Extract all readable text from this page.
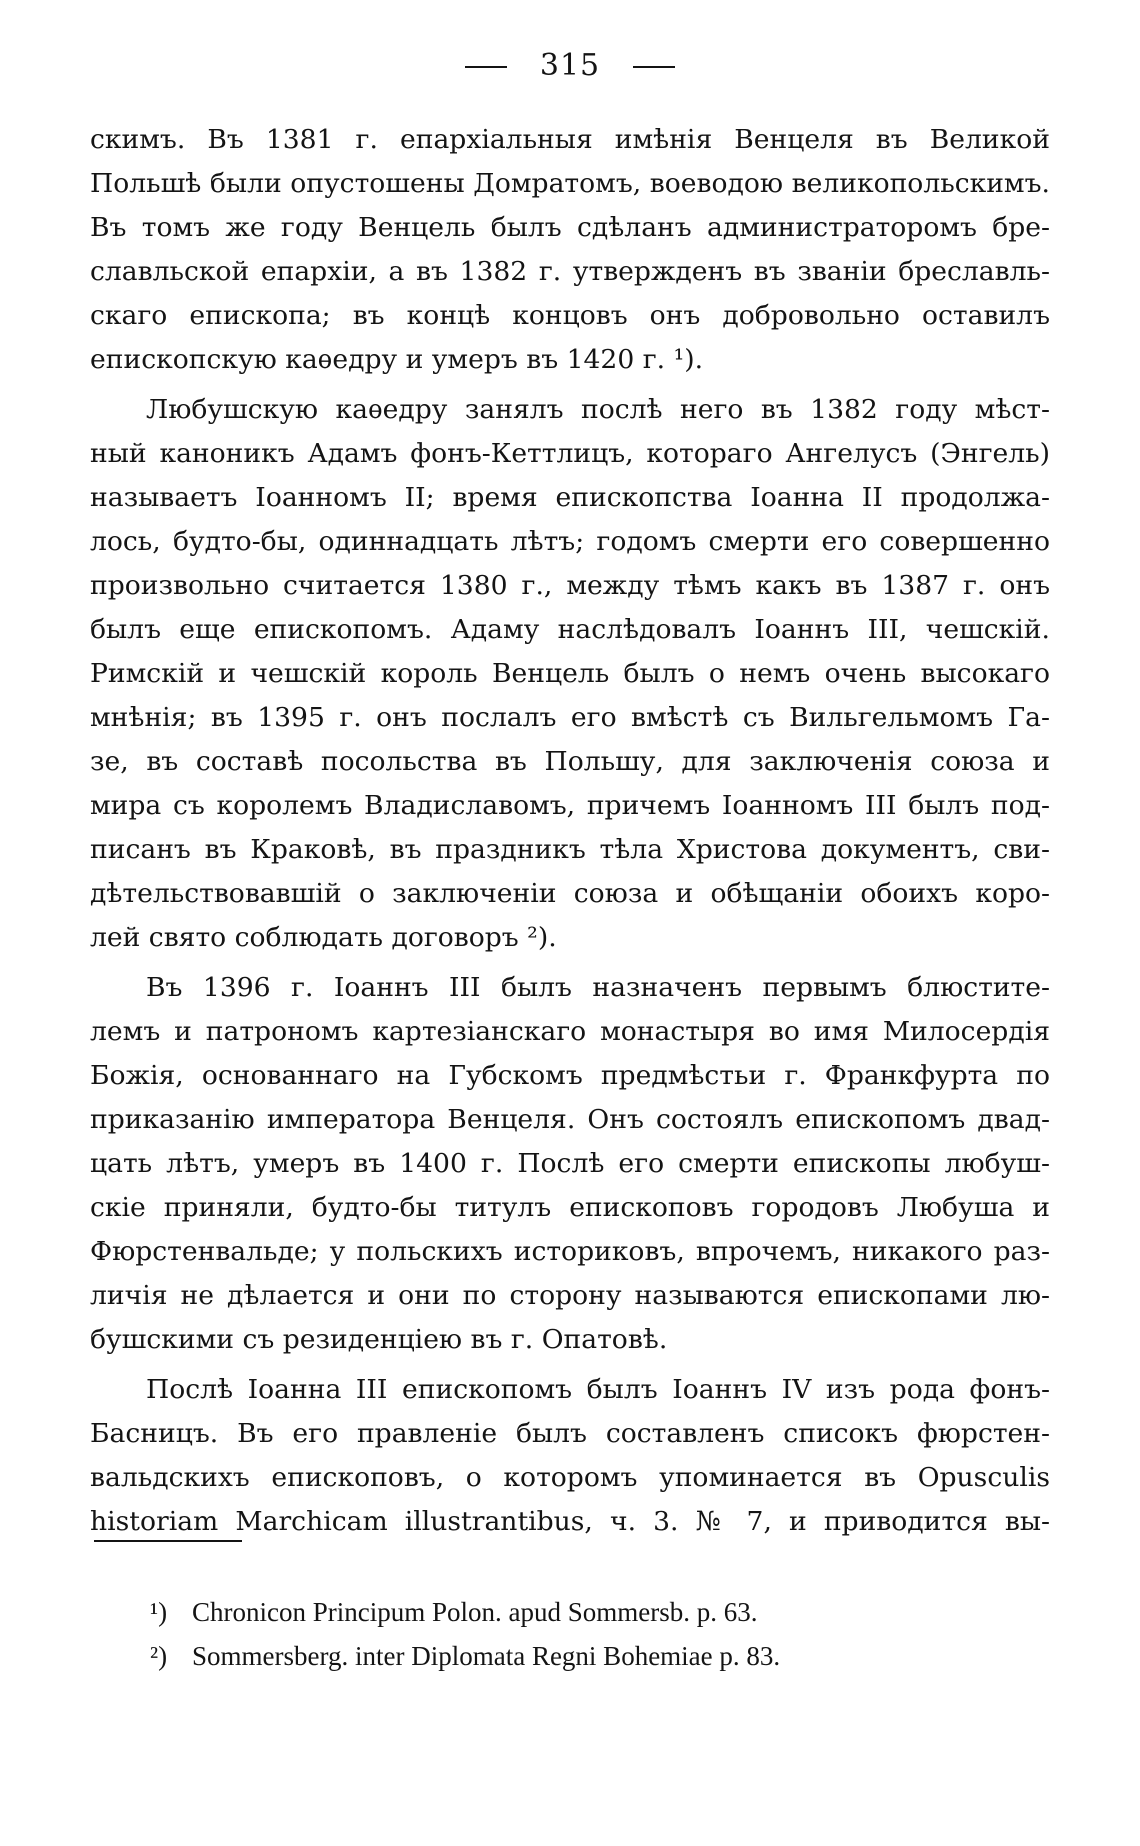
315
скимъ. Въ 1381 г. епархіальныя имѣнія Венцеля въ Великой
Польшѣ были опустошены Домратомъ, воеводою великопольскимъ.
Въ томъ же году Венцель былъ сдѣланъ администраторомъ бре-
славльской епархіи, а въ 1382 г. утвержденъ въ званіи бреславль-
скаго епископа; въ концѣ концовъ онъ добровольно оставилъ
епископскую каѳедру и умеръ въ 1420 г. ¹).
Любушскую каѳедру занялъ послѣ него въ 1382 году мѣст-
ный каноникъ Адамъ фонъ-Кеттлицъ, котораго Ангелусъ (Энгель)
называетъ Іоанномъ II; время епископства Іоанна II продолжа-
лось, будто-бы, одиннадцать лѣтъ; годомъ смерти его совершенно
произвольно считается 1380 г., между тѣмъ какъ въ 1387 г. онъ
былъ еще епископомъ. Адаму наслѣдовалъ Іоаннъ III, чешскій.
Римскій и чешскій король Венцель былъ о немъ очень высокаго
мнѣнія; въ 1395 г. онъ послалъ его вмѣстѣ съ Вильгельмомъ Га-
зе, въ составѣ посольства въ Польшу, для заключенія союза и
мира съ королемъ Владиславомъ, причемъ Іоанномъ III былъ под-
писанъ въ Краковѣ, въ праздникъ тѣла Христова документъ, сви-
дѣтельствовавшій о заключеніи союза и обѣщаніи обоихъ коро-
лей свято соблюдать договоръ ²).
Въ 1396 г. Іоаннъ III былъ назначенъ первымъ блюстите-
лемъ и патрономъ картезіанскаго монастыря во имя Милосердія
Божія, основаннаго на Губскомъ предмѣстьи г. Франкфурта по
приказанію императора Венцеля. Онъ состоялъ епископомъ двад-
цать лѣтъ, умеръ въ 1400 г. Послѣ его смерти епископы любуш-
скіе приняли, будто-бы титулъ епископовъ городовъ Любуша и
Фюрстенвальде; у польскихъ историковъ, впрочемъ, никакого раз-
личія не дѣлается и они по сторону называются епископами лю-
бушскими съ резиденціею въ г. Опатовѣ.
Послѣ Іоанна III епископомъ былъ Іоаннъ IV изъ рода фонъ-
Басницъ. Въ его правленіе былъ составленъ списокъ фюрстен-
вальдскихъ епископовъ, о которомъ упоминается въ Opusculis
historiam Marchicam illustrantibus, ч. 3. № 7, и приводится вы-
¹) Chronicon Principum Polon. apud Sommersb. p. 63.
²) Sommersberg. inter Diplomata Regni Bohemiae p. 83.
